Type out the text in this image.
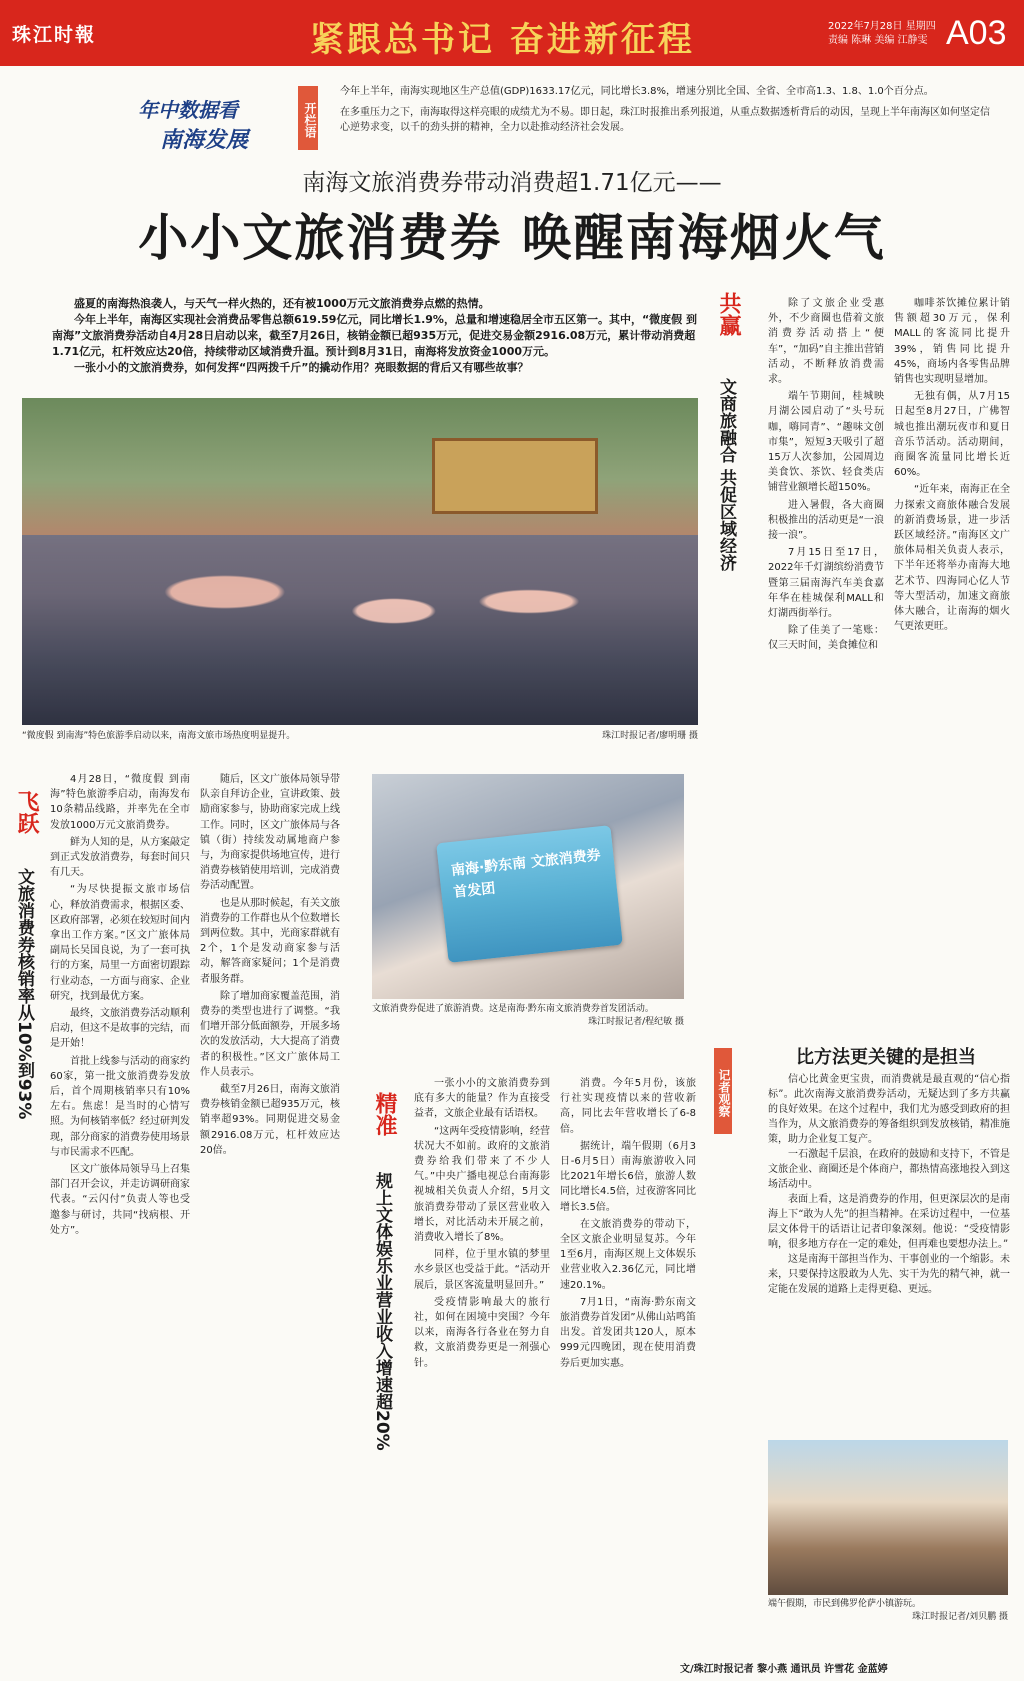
珠江时報	紧跟总书记 奋进新征程	2022年7月28日 星期四
责编 陈琳 美编 江静雯 A03
年中数据看
南海发展
开栏语
今年上半年，南海实现地区生产总值(GDP)1633.17亿元，同比增长3.8%，增速分别比全国、全省、全市高1.3、1.8、1.0个百分点。
在多重压力之下，南海取得这样亮眼的成绩尤为不易。即日起，珠江时报推出系列报道，从重点数据透析背后的动因，呈现上半年南海区如何坚定信心逆势求变，以千的劲头拼的精神，全力以赴推动经济社会发展。
南海文旅消费券带动消费超1.71亿元——
小小文旅消费券 唤醒南海烟火气

盛夏的南海热浪袭人，与天气一样火热的，还有被1000万元文旅消费券点燃的热情。

今年上半年，南海区实现社会消费品零售总额619.59亿元，同比增长1.9%，总量和增速稳居全市五区第一。其中，“微度假 到南海”文旅消费券活动自4月28日启动以来，截至7月26日，核销金额已超935万元，促进交易金额2916.08万元，累计带动消费超1.71亿元，杠杆效应达20倍，持续带动区域消费升温。预计到8月31日，南海将发放资金1000万元。

一张小小的文旅消费券，如何发挥“四两拨千斤”的撬动作用？亮眼数据的背后又有哪些故事？

“微度假 到南海”特色旅游季启动以来，南海文旅市场热度明显提升。	珠江时报记者/廖明珊 摄
共赢
文商旅融合 共促区域经济

除了文旅企业受惠外，不少商圈也借着文旅消费券活动搭上“便车”，“加码”自主推出营销活动，不断释放消费需求。

端午节期间，桂城映月湖公园启动了“头号玩咖，嗨同青”、“趣味文创市集”，短短3天吸引了超15万人次参加，公园周边美食饮、茶饮、轻食类店铺营业额增长超150%。

进入暑假，各大商圈积极推出的活动更是“一浪接一浪”。

7月15日至17日，2022年千灯湖缤纷消费节暨第三届南海汽车美食嘉年华在桂城保利MALL和灯湖西街举行。

除了佳美了一笔账：仅三天时间，美食摊位和

咖啡茶饮摊位累计销售额超30万元，保利MALL的客流同比提升39%，销售同比提升45%，商场内各零售品牌销售也实现明显增加。

无独有偶，从7月15日起至8月27日，广佛智城也推出潮玩夜市和夏日音乐节活动。活动期间，商圈客流量同比增长近60%。

“近年来，南海正在全力探索文商旅体融合发展的新消费场景，进一步活跃区域经济。”南海区文广旅体局相关负责人表示，下半年还将举办南海大地艺术节、四海同心亿人节等大型活动，加速文商旅体大融合，让南海的烟火气更浓更旺。

飞跃
文旅消费券核销率从10%到93%

4月28日，“微度假 到南海”特色旅游季启动，南海发布10条精品线路，并率先在全市发放1000万元文旅消费券。

鲜为人知的是，从方案敲定到正式发放消费券，每套时间只有几天。

“为尽快提振文旅市场信心，释放消费需求，根据区委、区政府部署，必须在较短时间内拿出工作方案。”区文广旅体局副局长吴国良说，为了一套可执行的方案，局里一方面密切跟踪行业动态，一方面与商家、企业研究，找到最优方案。

最终，文旅消费券活动顺利启动，但这不是故事的完结，而是开始！

首批上线参与活动的商家约60家，第一批文旅消费券发放后，首个周期核销率只有10%左右。焦虑！是当时的心情写照。为何核销率低？经过研判发现，部分商家的消费券使用场景与市民需求不匹配。

区文广旅体局领导马上召集部门召开会议，并走访调研商家代表。“云闪付”负责人等也受邀参与研讨，共同“找病根、开处方”。

随后，区文广旅体局领导带队亲自拜访企业，宣讲政策、鼓励商家参与，协助商家完成上线工作。同时，区文广旅体局与各镇（街）持续发动属地商户参与，为商家提供场地宣传，进行消费券核销使用培训，完成消费券活动配置。

也是从那时候起，有关文旅消费券的工作群也从个位数增长到两位数。其中，光商家群就有2个，1个是发动商家参与活动，解答商家疑问；1个是消费者服务群。

除了增加商家覆盖范围，消费券的类型也进行了调整。“我们增开部分低面额券，开展多场次的发放活动，大大提高了消费者的积极性。”区文广旅体局工作人员表示。

截至7月26日，南海文旅消费券核销金额已超935万元，核销率超93%。同期促进交易金额2916.08万元，杠杆效应达20倍。

南海·黔东南 文旅消费券首发团
文旅消费券促进了旅游消费。这是南海·黔东南文旅消费券首发团活动。
珠江时报记者/程纪敏 摄
精准
规上文体娱乐业营业收入增速超20%

一张小小的文旅消费券到底有多大的能量？作为直接受益者，文旅企业最有话语权。

“这两年受疫情影响，经营状况大不如前。政府的文旅消费券给我们带来了不少人气。”中央广播电视总台南海影视城相关负责人介绍，5月文旅消费券带动了景区营业收入增长，对比活动未开展之前，消费收入增长了8%。

同样，位于里水镇的梦里水乡景区也受益于此。“活动开展后，景区客流量明显回升。”

受疫情影响最大的旅行社，如何在困境中突围？今年以来，南海各行各业在努力自救，文旅消费券更是一剂强心针。

消费。今年5月份，该旅行社实现疫情以来的营收新高，同比去年营收增长了6-8倍。

据统计，端午假期（6月3日-6月5日）南海旅游收入同比2021年增长6倍，旅游人数同比增长4.5倍，过夜游客同比增长3.5倍。

在文旅消费券的带动下，全区文旅企业明显复苏。今年1至6月，南海区规上文体娱乐业营业收入2.36亿元，同比增速20.1%。

7月1日，“南海·黔东南文旅消费券首发团”从佛山站鸣笛出发。首发团共120人，原本999元四晚团，现在使用消费券后更加实惠。

记者观察
比方法更关键的是担当

信心比黄金更宝贵，而消费就是最直观的“信心指标”。此次南海文旅消费券活动，无疑达到了多方共赢的良好效果。在这个过程中，我们尤为感受到政府的担当作为，从文旅消费券的筹备组织到发放核销，精准施策，助力企业复工复产。

一石激起千层浪，在政府的鼓励和支持下，不管是文旅企业、商圈还是个体商户，都热情高涨地投入到这场活动中。

表面上看，这是消费券的作用，但更深层次的是南海上下“敢为人先”的担当精神。在采访过程中，一位基层文体骨干的话语让记者印象深刻。他说：“受疫情影响，很多地方存在一定的难处，但再难也要想办法上。”

这是南海干部担当作为、干事创业的一个缩影。未来，只要保持这股敢为人先、实干为先的精气神，就一定能在发展的道路上走得更稳、更远。

端午假期，市民到佛罗伦萨小镇游玩。
珠江时报记者/刘贝鹏 摄
文/珠江时报记者 黎小燕 通讯员 许雪花 金蓝婷
